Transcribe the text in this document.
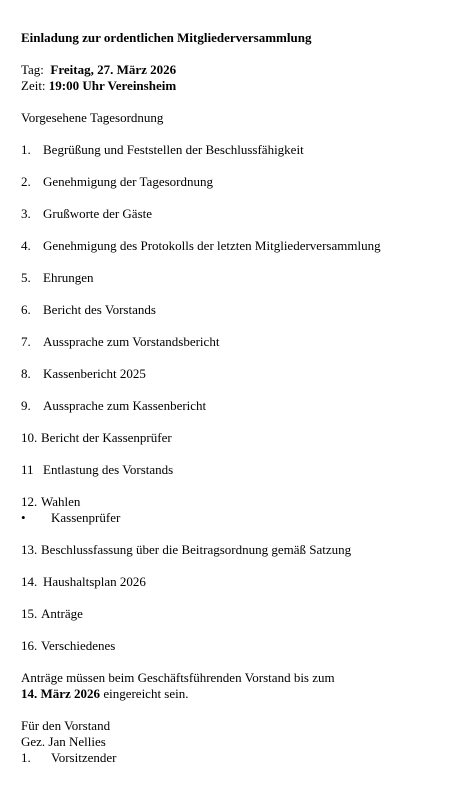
Einladung zur ordentlichen Mitgliederversammlung
Tag: Freitag, 27. März 2026
Zeit: 19:00 Uhr Vereinsheim
Vorgesehene Tagesordnung
1. Begrüßung und Feststellen der Beschlussfähigkeit
2. Genehmigung der Tagesordnung
3. Grußworte der Gäste
4. Genehmigung des Protokolls der letzten Mitgliederversammlung
5. Ehrungen
6. Bericht des Vorstands
7. Aussprache zum Vorstandsbericht
8. Kassenbericht 2025
9. Aussprache zum Kassenbericht
10. Bericht der Kassenprüfer
11 Entlastung des Vorstands
12. Wahlen
• Kassenprüfer
13. Beschlussfassung über die Beitragsordnung gemäß Satzung
14. Haushaltsplan 2026
15. Anträge
16. Verschiedenes
Anträge müssen beim Geschäftsführenden Vorstand bis zum
14. März 2026 eingereicht sein.
Für den Vorstand
Gez. Jan Nellies
1. Vorsitzender
